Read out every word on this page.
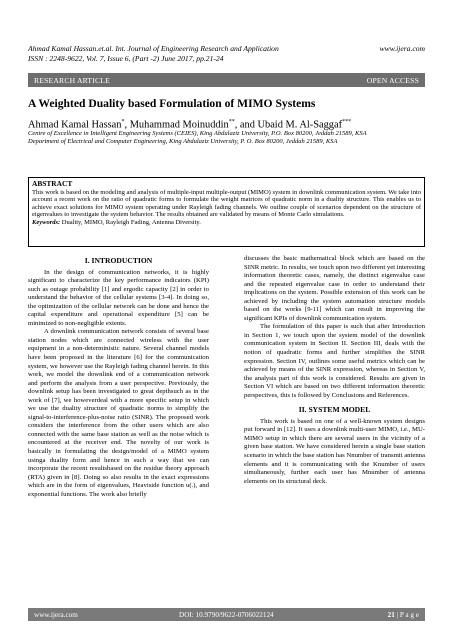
Ahmad Kamal Hassan.et.al. Int. Journal of Engineering Research and Application	www.ijera.com
ISSN : 2248-9622, Vol. 7, Issue 6, (Part -2) June 2017, pp.21-24
RESEARCH ARTICLE	OPEN ACCESS
A Weighted Duality based Formulation of MIMO Systems
Ahmad Kamal Hassan*, Muhammad Moinuddin**, and Ubaid M. Al-Saggaf***

Centre of Excellence in Intelligent Engineering Systems (CEIES), King Abdulaziz University, P.O. Box 80200, Jeddah 21589, KSA

Department of Electrical and Computer Engineering, King Abdulaziz University, P. O. Box 80200, Jeddah 21589, KSA

ABSTRACT

This work is based on the modeling and analysis of multiple-input multiple-output (MIMO) system in downlink communication system. We take into account a recent work on the ratio of quadratic forms to formulate the weight matrices of quadratic norm in a duality structure. This enables us to achieve exact solutions for MIMO system operating under Rayleigh fading channels. We outline couple of scenarios dependent on the structure of eigenvalues to investigate the system behavior. The results obtained are validated by means of Monte Carlo simulations.

Keywords: Duality, MIMO, Rayleigh Fading, Antenna Diversity.

I. INTRODUCTION

In the design of communication networks, it is highly significant to characterize the key performance indicators (KPI) such as outage probability [1] and ergodic capacity [2] in order to understand the behavior of the cellular systems [3-4]. In doing so, the optimization of the cellular network can be done and hence the capital expenditure and operational expenditure [5] can be minimized to non-negligible extents.

A downlink communication network consists of several base station nodes which are connected wireless with the user equipment in a non-deterministic nature. Several channel models have been proposed in the literature [6] for the communication system, we however use the Rayleigh fading channel herein. In this work, we model the downlink end of a communication network and perform the analysis from a user perspective. Previously, the downlink setup has been investigated to great depthsuch as in the work of [7], we howeverdeal with a more specific setup in which we use the duality structure of quadratic norms to simplify the signal-to-interference-plus-noise ratio (SINR). The proposed work considers the interference from the other users which are also connected with the same base station as well as the noise which is encountered at the receiver end. The novelty of our work is basically in formulating the design/model of a MIMO system usinga duality form and hence in such a way that we can incorporate the recent resultsbased on the residue theory approach (RTA) given in [8]. Doing so also results in the exact expressions which are in the form of eigenvalues, Heaviside function u(.), and exponential functions. The work also briefly

discusses the basic mathematical block which are based on the SINR metric. In results, we touch upon two different yet interesting information theoretic cases, namely, the distinct eigenvalue case and the repeated eigenvalue case in order to understand their implications on the system. Possible extension of this work can be achieved by including the system automation structure models based on the works [9-11] which can result in improving the significant KPIs of downlink communication system.

The formulation of this paper is such that after Introduction in Section 1, we touch upon the system model of the downlink communication system in Section II. Section III, deals with the notion of quadratic forms and further simplifies the SINR expression. Section IV, outlines some useful metrics which can be achieved by means of the SINR expression, whereas in Section V, the analysis part of this work is considered. Results are given in Section VI which are based on two different information theoretic perspectives, this is followed by Conclusions and References.

II. SYSTEM MODEL

This work is based on one of a well-known system designs put forward in [12]. It uses a downlink multi-user MIMO, i.e., MU-MIMO setup in which there are several users in the vicinity of a given base station. We have considered herein a single base station scenario in which the base station has Nnumber of transmit antenna elements and it is communicating with the Knumber of users simultaneously, further each user has Mnumber of antenna elements on its structural deck.

www.ijera.com	DOI: 10.9790/9622-0706022124	21 | P a g e
